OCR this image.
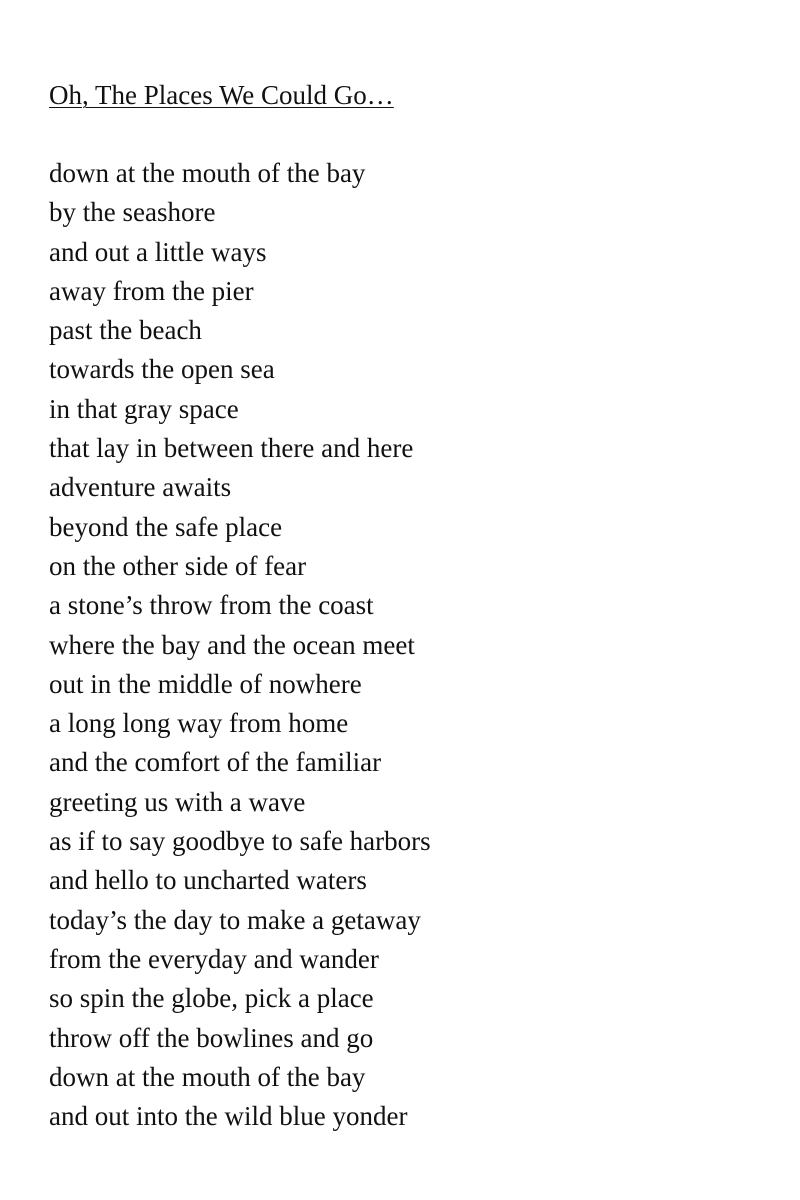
Oh, The Places We Could Go…

down at the mouth of the bay

by the seashore

and out a little ways

away from the pier

past the beach

towards the open sea

in that gray space

that lay in between there and here

adventure awaits

beyond the safe place

on the other side of fear

a stone’s throw from the coast

where the bay and the ocean meet

out in the middle of nowhere

a long long way from home

and the comfort of the familiar

greeting us with a wave

as if to say goodbye to safe harbors

and hello to uncharted waters

today’s the day to make a getaway

from the everyday and wander

so spin the globe, pick a place

throw off the bowlines and go

down at the mouth of the bay

and out into the wild blue yonder
